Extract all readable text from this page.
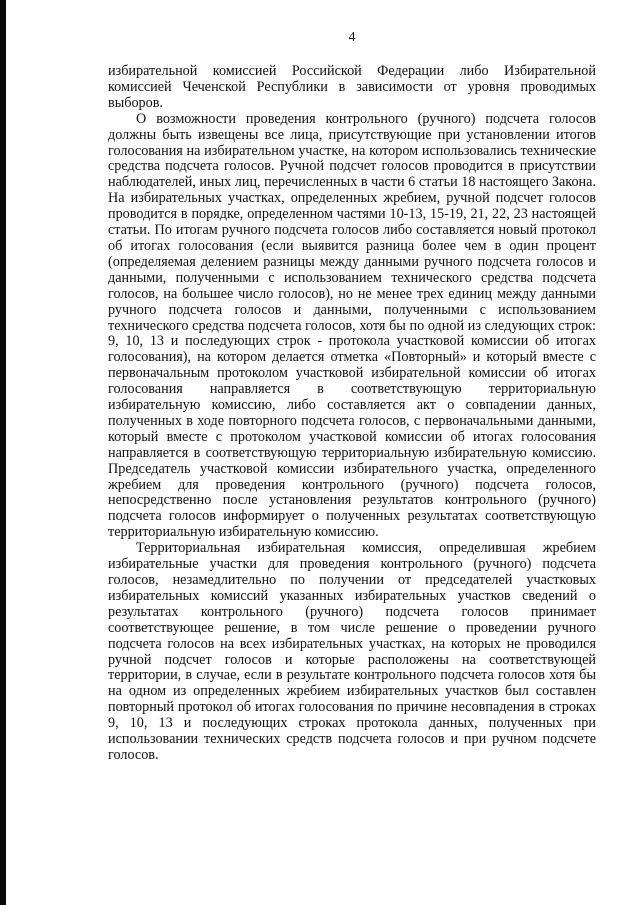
4

избирательной комиссией Российской Федерации либо Избирательной комиссией Чеченской Республики в зависимости от уровня проводимых выборов.

О возможности проведения контрольного (ручного) подсчета голосов должны быть извещены все лица, присутствующие при установлении итогов голосования на избирательном участке, на котором использовались технические средства подсчета голосов. Ручной подсчет голосов проводится в присутствии наблюдателей, иных лиц, перечисленных в части 6 статьи 18 настоящего Закона. На избирательных участках, определенных жребием, ручной подсчет голосов проводится в порядке, определенном частями 10-13, 15-19, 21, 22, 23 настоящей статьи. По итогам ручного подсчета голосов либо составляется новый протокол об итогах голосования (если выявится разница более чем в один процент (определяемая делением разницы между данными ручного подсчета голосов и данными, полученными с использованием технического средства подсчета голосов, на большее число голосов), но не менее трех единиц между данными ручного подсчета голосов и данными, полученными с использованием технического средства подсчета голосов, хотя бы по одной из следующих строк: 9, 10, 13 и последующих строк - протокола участковой комиссии об итогах голосования), на котором делается отметка «Повторный» и который вместе с первоначальным протоколом участковой избирательной комиссии об итогах голосования направляется в соответствующую территориальную избирательную комиссию, либо составляется акт о совпадении данных, полученных в ходе повторного подсчета голосов, с первоначальными данными, который вместе с протоколом участковой комиссии об итогах голосования направляется в соответствующую территориальную избирательную комиссию. Председатель участковой комиссии избирательного участка, определенного жребием для проведения контрольного (ручного) подсчета голосов, непосредственно после установления результатов контрольного (ручного) подсчета голосов информирует о полученных результатах соответствующую территориальную избирательную комиссию.

Территориальная избирательная комиссия, определившая жребием избирательные участки для проведения контрольного (ручного) подсчета голосов, незамедлительно по получении от председателей участковых избирательных комиссий указанных избирательных участков сведений о результатах контрольного (ручного) подсчета голосов принимает соответствующее решение, в том числе решение о проведении ручного подсчета голосов на всех избирательных участках, на которых не проводился ручной подсчет голосов и которые расположены на соответствующей территории, в случае, если в результате контрольного подсчета голосов хотя бы на одном из определенных жребием избирательных участков был составлен повторный протокол об итогах голосования по причине несовпадения в строках 9, 10, 13 и последующих строках протокола данных, полученных при использовании технических средств подсчета голосов и при ручном подсчете голосов.
